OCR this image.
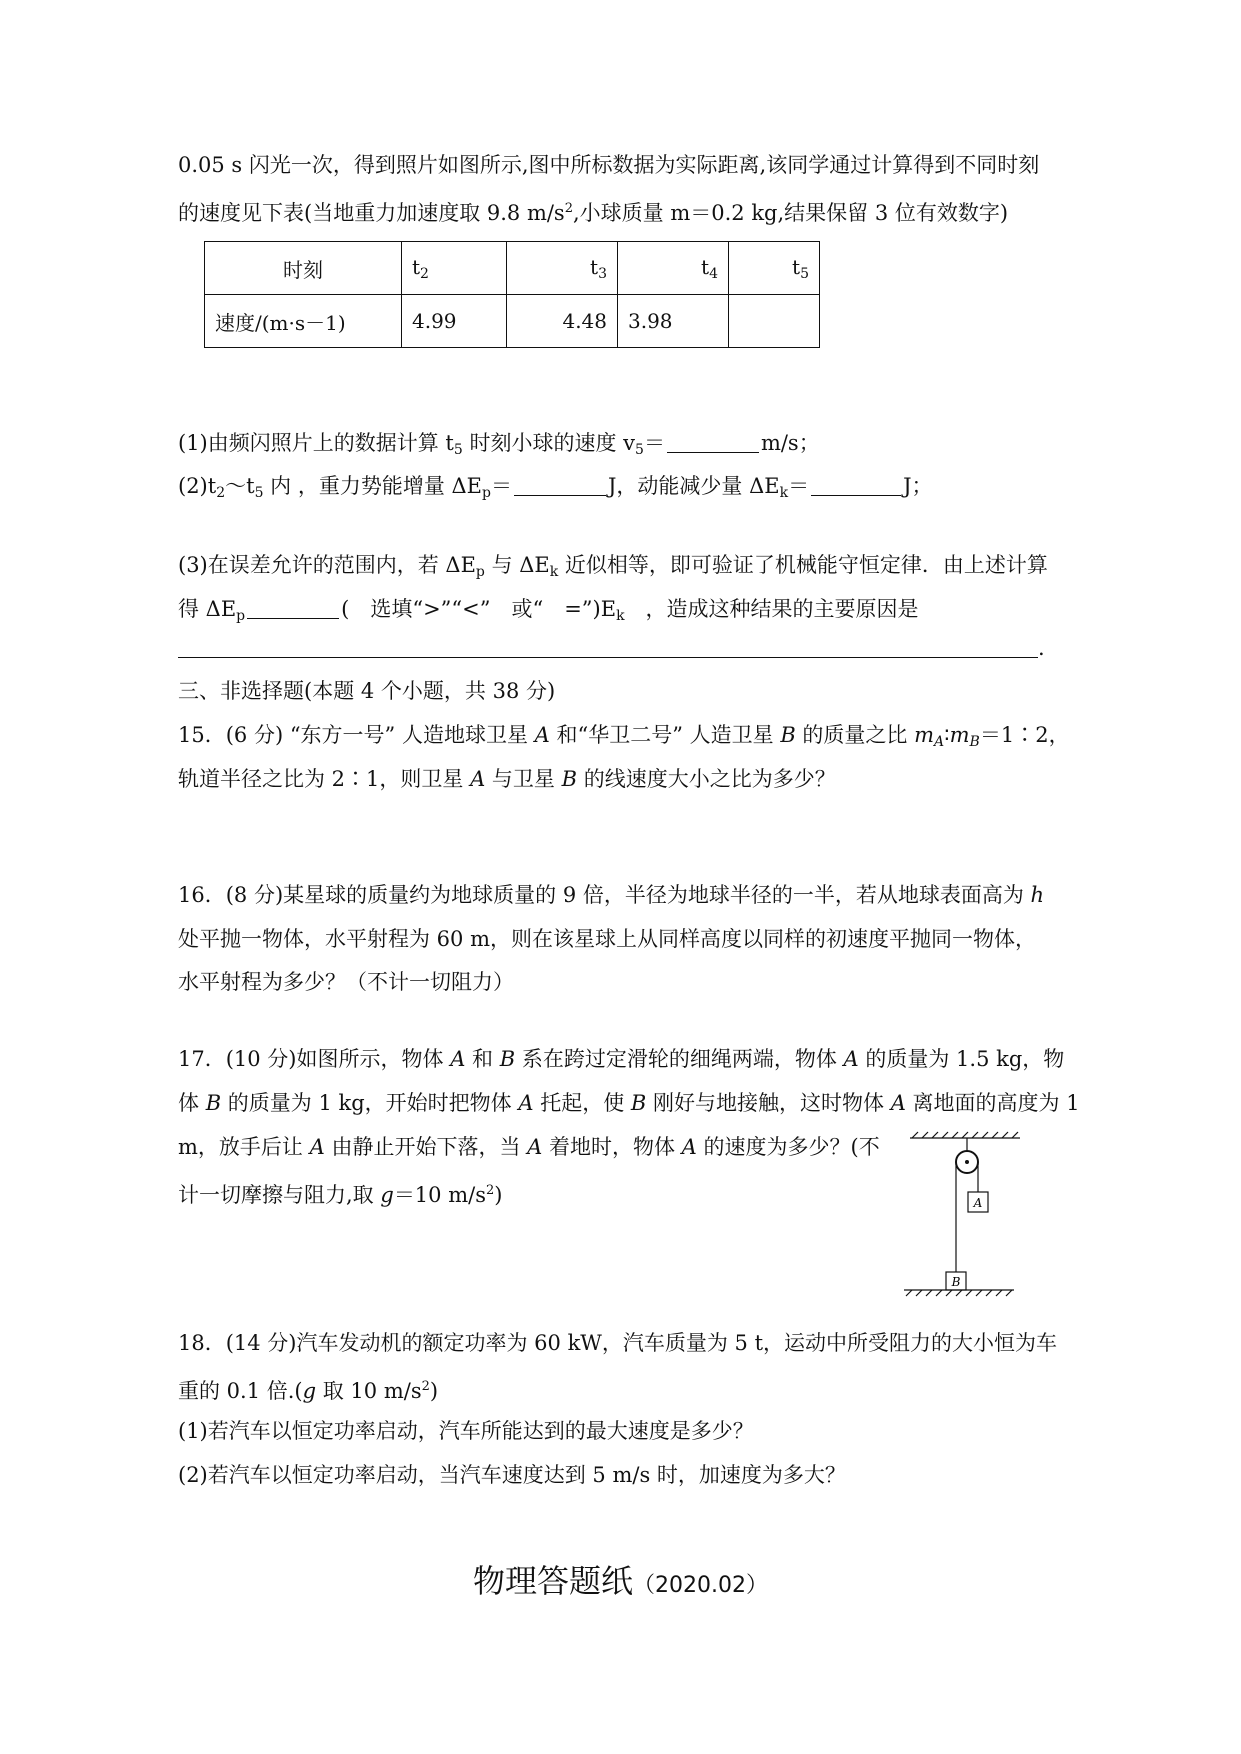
0.05 s 闪光一次，得到照片如图所示,图中所标数据为实际距离,该同学通过计算得到不同时刻
的速度见下表(当地重力加速度取 9.8 $m/s^2$,小球质量 m＝0.2 kg,结果保留 3 位有效数字)
时刻	$t_2$	$t_3$	$t_4$	$t_5$
速度/(m·s－1)	4.99	4.48	3.98	
(1)由频闪照片上的数据计算 $t_5$ 时刻小球的速度 $v_5=$	m/s；
$(2)t_2\sim t_5$ 内 ，重力势能增量 $\Delta E_p=$	J，动能减少量 $\Delta E_k=$	J；
(3)在误差允许的范围内，若 $\Delta E_p$ 与 $\Delta E_k$ 近似相等，即可验证了机械能守恒定律．由上述计算
得 $\Delta E_p$	(　选填“>”“<”　或“　$=”)E_k$　，造成这种结果的主要原因是
.
三、非选择题(本题 4 个小题，共 38 分)
15．(6 分) “东方一号” 人造地球卫星 A 和“华卫二号” 人造卫星 B 的质量之比 $m_A∶m_B=1∶2$，
轨道半径之比为 2∶1，则卫星 A 与卫星 B 的线速度大小之比为多少？
16．(8 分)某星球的质量约为地球质量的 9 倍，半径为地球半径的一半，若从地球表面高为 h
处平抛一物体，水平射程为 60 m，则在该星球上从同样高度以同样的初速度平抛同一物体，
水平射程为多少？（不计一切阻力）
17．(10 分)如图所示，物体 A 和 B 系在跨过定滑轮的细绳两端，物体 A 的质量为 1.5 kg，物
体 B 的质量为 1 kg，开始时把物体 A 托起，使 B 刚好与地接触，这时物体 A 离地面的高度为 1
m，放手后让 A 由静止开始下落，当 A 着地时，物体 A 的速度为多少？(不
计一切摩擦与阻力,取 g＝10 $m/s^2$)	A
B
18．(14 分)汽车发动机的额定功率为 60 kW，汽车质量为 5 t，运动中所受阻力的大小恒为车
重的 0.1 倍.(g 取 10 $m/s^2$)
(1)若汽车以恒定功率启动，汽车所能达到的最大速度是多少？
(2)若汽车以恒定功率启动，当汽车速度达到 5 m/s 时，加速度为多大？
物理答题纸（2020.02）
